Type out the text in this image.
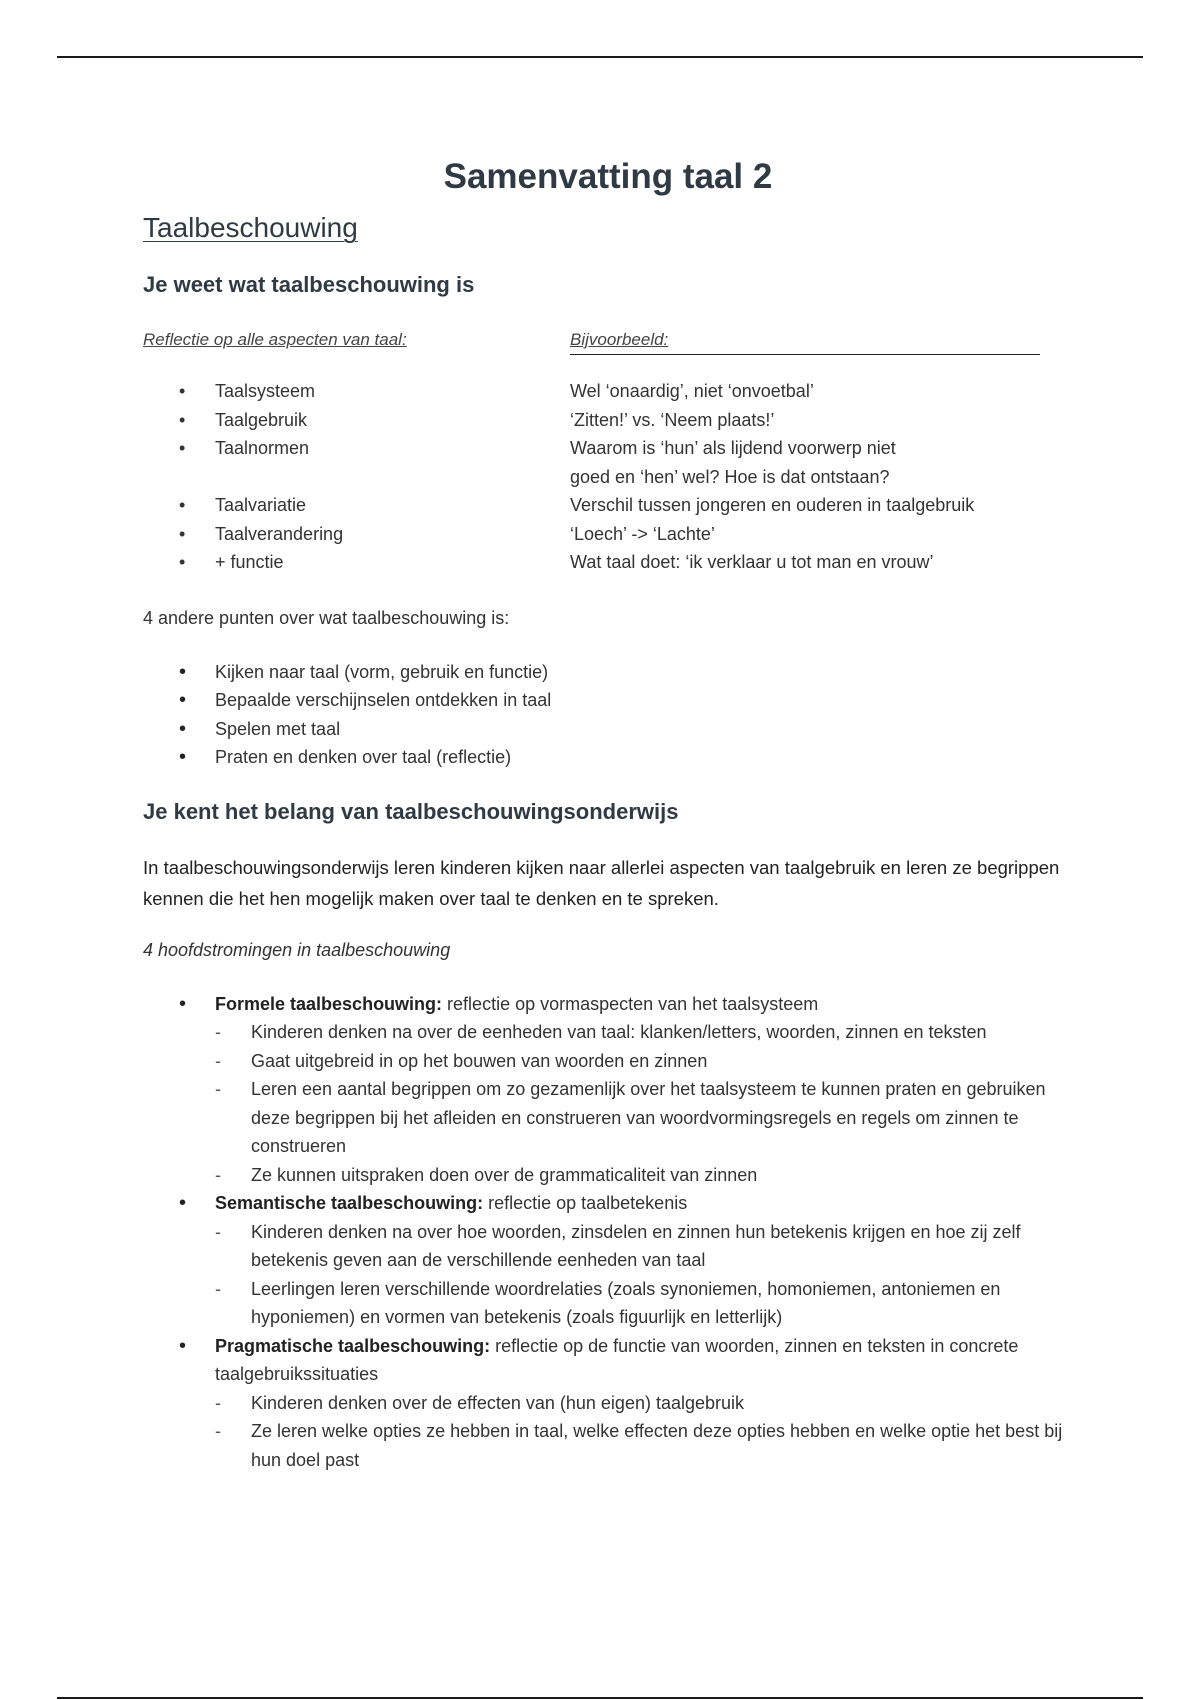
Samenvatting taal 2
Taalbeschouwing
Je weet wat taalbeschouwing is
Reflectie op alle aspecten van taal:	Bijvoorbeeld:
• Taalsysteem	Wel ‘onaardig’, niet ‘onvoetbal’
• Taalgebruik	‘Zitten!’ vs. ‘Neem plaats!’
• Taalnormen	Waarom is ‘hun’ als lijdend voorwerp niet
goed en ‘hen’ wel? Hoe is dat ontstaan?
• Taalvariatie	Verschil tussen jongeren en ouderen in taalgebruik
• Taalverandering	‘Loech’ -> ‘Lachte’
• + functie	Wat taal doet: ‘ik verklaar u tot man en vrouw’

4 andere punten over wat taalbeschouwing is:

• Kijken naar taal (vorm, gebruik en functie)
• Bepaalde verschijnselen ontdekken in taal
• Spelen met taal
• Praten en denken over taal (reflectie)
Je kent het belang van taalbeschouwingsonderwijs

In taalbeschouwingsonderwijs leren kinderen kijken naar allerlei aspecten van taalgebruik en leren ze begrippen kennen die het hen mogelijk maken over taal te denken en te spreken.

4 hoofdstromingen in taalbeschouwing

• Formele taalbeschouwing: reflectie op vormaspecten van het taalsysteem
- Kinderen denken na over de eenheden van taal: klanken/letters, woorden, zinnen en teksten
- Gaat uitgebreid in op het bouwen van woorden en zinnen
- Leren een aantal begrippen om zo gezamenlijk over het taalsysteem te kunnen praten en gebruiken deze begrippen bij het afleiden en construeren van woordvormingsregels en regels om zinnen te construeren
- Ze kunnen uitspraken doen over de grammaticaliteit van zinnen
• Semantische taalbeschouwing: reflectie op taalbetekenis
- Kinderen denken na over hoe woorden, zinsdelen en zinnen hun betekenis krijgen en hoe zij zelf betekenis geven aan de verschillende eenheden van taal
- Leerlingen leren verschillende woordrelaties (zoals synoniemen, homoniemen, antoniemen en hyponiemen) en vormen van betekenis (zoals figuurlijk en letterlijk)
• Pragmatische taalbeschouwing: reflectie op de functie van woorden, zinnen en teksten in concrete taalgebruikssituaties
- Kinderen denken over de effecten van (hun eigen) taalgebruik
- Ze leren welke opties ze hebben in taal, welke effecten deze opties hebben en welke optie het best bij hun doel past
